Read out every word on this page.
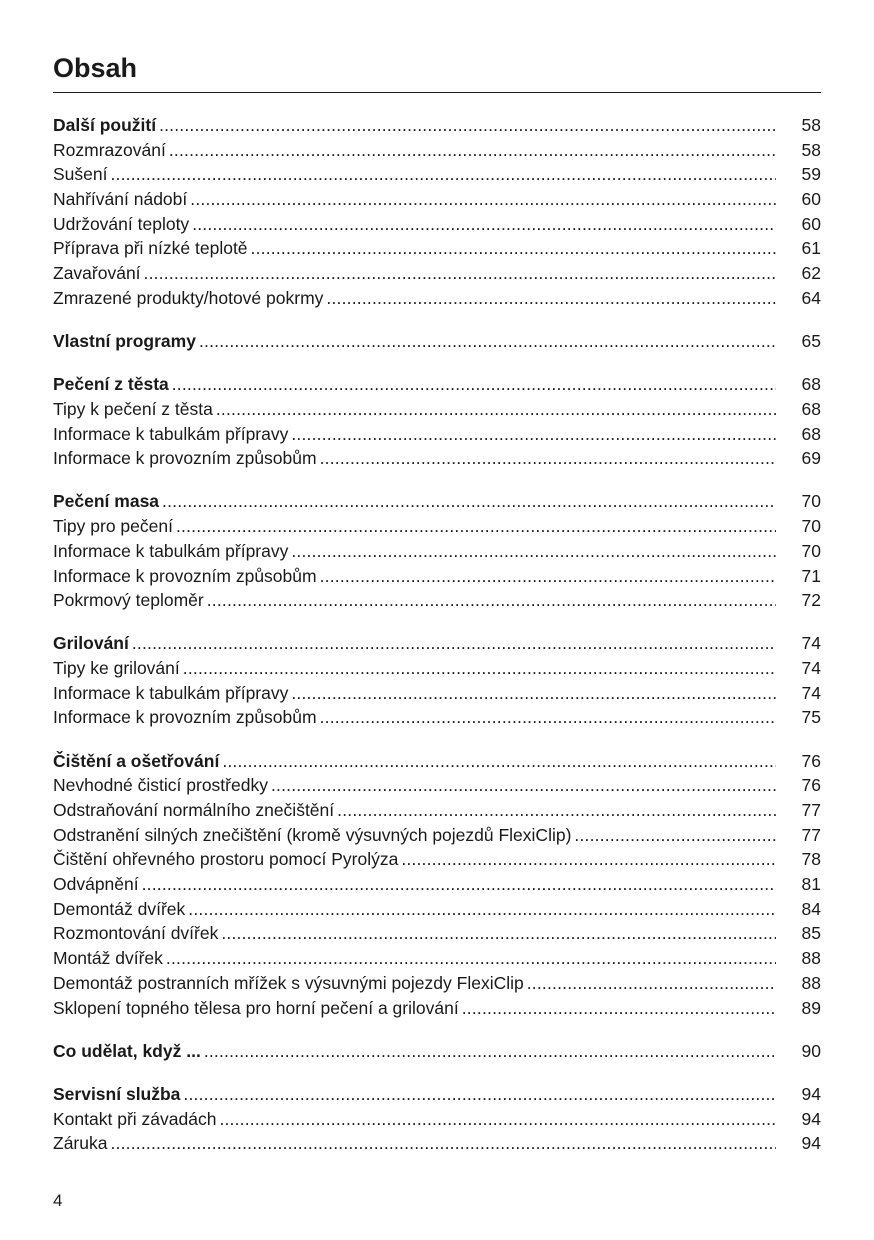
Obsah
Další použití .....	58
Rozmrazování .....	58
Sušení .....	59
Nahřívání nádobí .....	60
Udržování teploty .....	60
Příprava při nízké teplotě .....	61
Zavařování .....	62
Zmrazené produkty/hotové pokrmy .....	64
Vlastní programy .....	65
Pečení z těsta .....	68
Tipy k pečení z těsta .....	68
Informace k tabulkám přípravy .....	68
Informace k provozním způsobům .....	69
Pečení masa .....	70
Tipy pro pečení .....	70
Informace k tabulkám přípravy .....	70
Informace k provozním způsobům .....	71
Pokrmový teploměr .....	72
Grilování .....	74
Tipy ke grilování .....	74
Informace k tabulkám přípravy .....	74
Informace k provozním způsobům .....	75
Čištění a ošetřování .....	76
Nevhodné čisticí prostředky .....	76
Odstraňování normálního znečištění .....	77
Odstranění silných znečištění (kromě výsuvných pojezdů FlexiClip) .....	77
Čištění ohřevného prostoru pomocí Pyrolýza .....	78
Odvápnění .....	81
Demontáž dvířek .....	84
Rozmontování dvířek .....	85
Montáž dvířek .....	88
Demontáž postranních mřížek s výsuvnými pojezdy FlexiClip .....	88
Sklopení topného tělesa pro horní pečení a grilování .....	89
Co udělat, když ... .....	90
Servisní služba .....	94
Kontakt při závadách .....	94
Záruka .....	94
4
